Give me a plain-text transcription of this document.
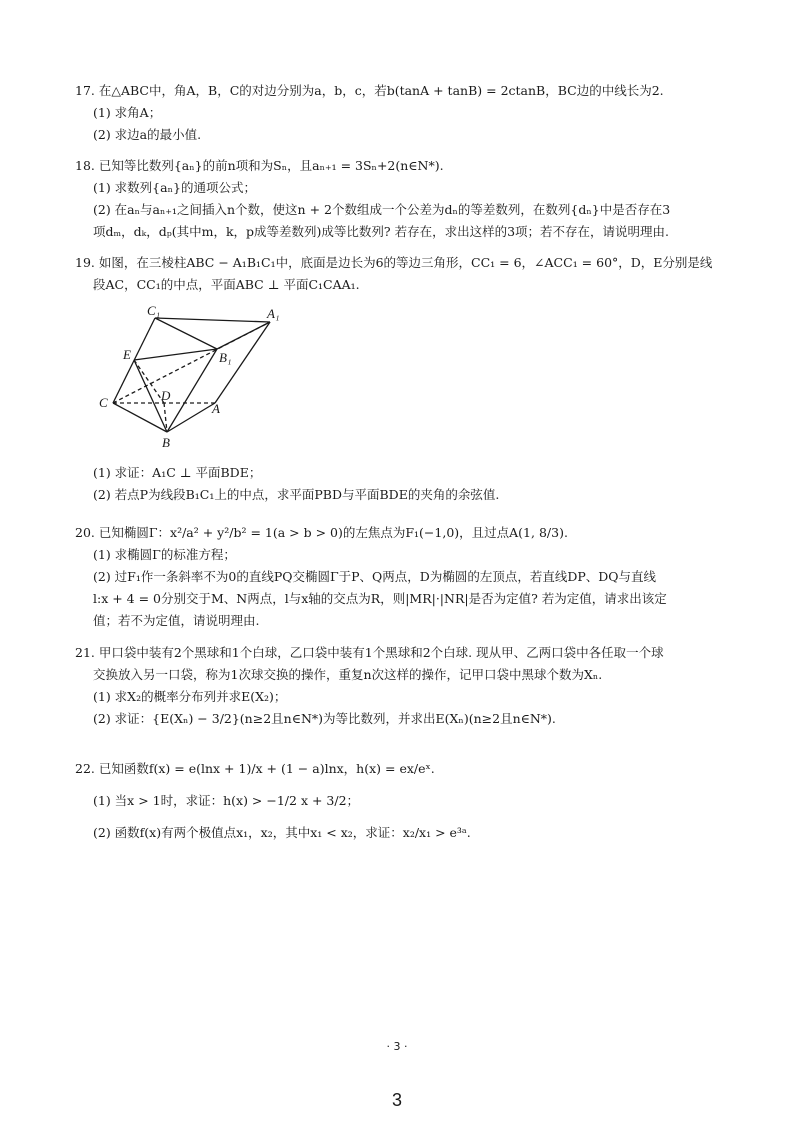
17. 在△ABC中，角A，B，C的对边分别为a，b，c，若b(tanA + tanB) = 2ctanB，BC边的中线长为2.
(1) 求角A；
(2) 求边a的最小值.
18. 已知等比数列{aₙ}的前n项和为Sₙ，且aₙ₊₁ = 3Sₙ+2(n∈N*).
(1) 求数列{aₙ}的通项公式；
(2) 在aₙ与aₙ₊₁之间插入n个数，使这n + 2个数组成一个公差为dₙ的等差数列，在数列{dₙ}中是否存在3
项dₘ，dₖ，dₚ(其中m，k，p成等差数列)成等比数列? 若存在，求出这样的3项；若不存在，请说明理由.
19. 如图，在三棱柱ABC − A₁B₁C₁中，底面是边长为6的等边三角形，CC₁ = 6，∠ACC₁ = 60°，D，E分别是线
段AC，CC₁的中点，平面ABC ⊥ 平面C₁CAA₁.
C₁	A₁
B₁
E
C	D
A
B
(1) 求证：A₁C ⊥ 平面BDE；
(2) 若点P为线段B₁C₁上的中点，求平面PBD与平面BDE的夹角的余弦值.
20. 已知椭圆Γ：x²/a² + y²/b² = 1(a > b > 0)的左焦点为F₁(−1,0)，且过点A(1, 8/3).
(1) 求椭圆Γ的标准方程；
(2) 过F₁作一条斜率不为0的直线PQ交椭圆Γ于P、Q两点，D为椭圆的左顶点，若直线DP、DQ与直线
l:x + 4 = 0分别交于M、N两点，l与x轴的交点为R，则|MR|·|NR|是否为定值? 若为定值，请求出该定
值；若不为定值，请说明理由.
21. 甲口袋中装有2个黑球和1个白球，乙口袋中装有1个黑球和2个白球. 现从甲、乙两口袋中各任取一个球
交换放入另一口袋，称为1次球交换的操作，重复n次这样的操作，记甲口袋中黑球个数为Xₙ.
(1) 求X₂的概率分布列并求E(X₂)；
(2) 求证：{E(Xₙ) − 3/2}(n≥2且n∈N*)为等比数列，并求出E(Xₙ)(n≥2且n∈N*).
22. 已知函数f(x) = e(lnx + 1)/x + (1 − a)lnx，h(x) = ex/eˣ.
(1) 当x > 1时，求证：h(x) > −1/2 x + 3/2；
(2) 函数f(x)有两个极值点x₁，x₂，其中x₁ < x₂，求证：x₂/x₁ > e³ᵃ.
· 3 ·
3
